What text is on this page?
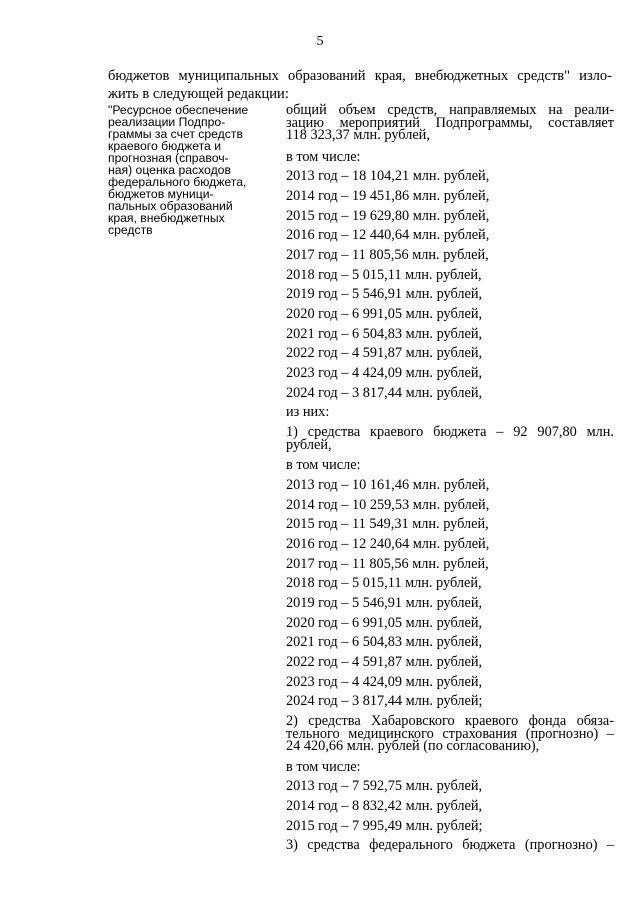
5
бюджетов муниципальных образований края, внебюджетных средств" изло-
жить в следующей редакции:
"Ресурсное обеспечение
реализации Подпро-
граммы за счет средств
краевого бюджета и
прогнозная (справоч-
ная) оценка расходов
федерального бюджета,
бюджетов муници-
пальных образований
края, внебюджетных
средств
общий объем средств, направляемых на реали-
зацию мероприятий Подпрограммы, составляет
118 323,37 млн. рублей,
в том числе:
2013 год – 18 104,21 млн. рублей,
2014 год – 19 451,86 млн. рублей,
2015 год – 19 629,80 млн. рублей,
2016 год – 12 440,64 млн. рублей,
2017 год – 11 805,56 млн. рублей,
2018 год – 5 015,11 млн. рублей,
2019 год – 5 546,91 млн. рублей,
2020 год – 6 991,05 млн. рублей,
2021 год – 6 504,83 млн. рублей,
2022 год – 4 591,87 млн. рублей,
2023 год – 4 424,09 млн. рублей,
2024 год – 3 817,44 млн. рублей,
из них:
1) средства краевого бюджета – 92 907,80 млн.
рублей,
в том числе:
2013 год – 10 161,46 млн. рублей,
2014 год – 10 259,53 млн. рублей,
2015 год – 11 549,31 млн. рублей,
2016 год – 12 240,64 млн. рублей,
2017 год – 11 805,56 млн. рублей,
2018 год – 5 015,11 млн. рублей,
2019 год – 5 546,91 млн. рублей,
2020 год – 6 991,05 млн. рублей,
2021 год – 6 504,83 млн. рублей,
2022 год – 4 591,87 млн. рублей,
2023 год – 4 424,09 млн. рублей,
2024 год – 3 817,44 млн. рублей;
2) средства Хабаровского краевого фонда обяза-
тельного медицинского страхования (прогнозно) –
24 420,66 млн. рублей (по согласованию),
в том числе:
2013 год – 7 592,75 млн. рублей,
2014 год – 8 832,42 млн. рублей,
2015 год – 7 995,49 млн. рублей;
3) средства федерального бюджета (прогнозно) –
